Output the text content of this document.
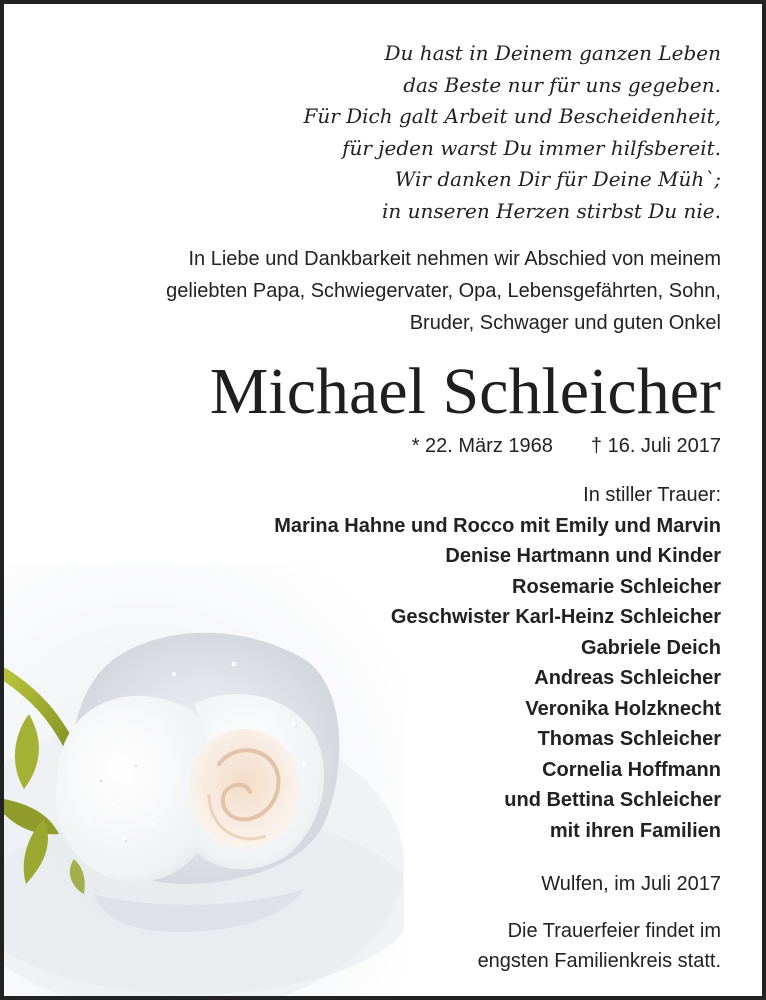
Du hast in Deinem ganzen Leben
das Beste nur für uns gegeben.
Für Dich galt Arbeit und Bescheidenheit,
für jeden warst Du immer hilfsbereit.
Wir danken Dir für Deine Müh`;
in unseren Herzen stirbst Du nie.
In Liebe und Dankbarkeit nehmen wir Abschied von meinem
geliebten Papa, Schwiegervater, Opa, Lebensgefährten, Sohn,
Bruder, Schwager und guten Onkel
Michael Schleicher
* 22. März 1968 † 16. Juli 2017
In stiller Trauer:
Marina Hahne und Rocco mit Emily und Marvin
Denise Hartmann und Kinder
Rosemarie Schleicher
Geschwister Karl-Heinz Schleicher
Gabriele Deich
Andreas Schleicher
Veronika Holzknecht
Thomas Schleicher
Cornelia Hoffmann
und Bettina Schleicher
mit ihren Familien
Wulfen, im Juli 2017
Die Trauerfeier findet im
engsten Familienkreis statt.
